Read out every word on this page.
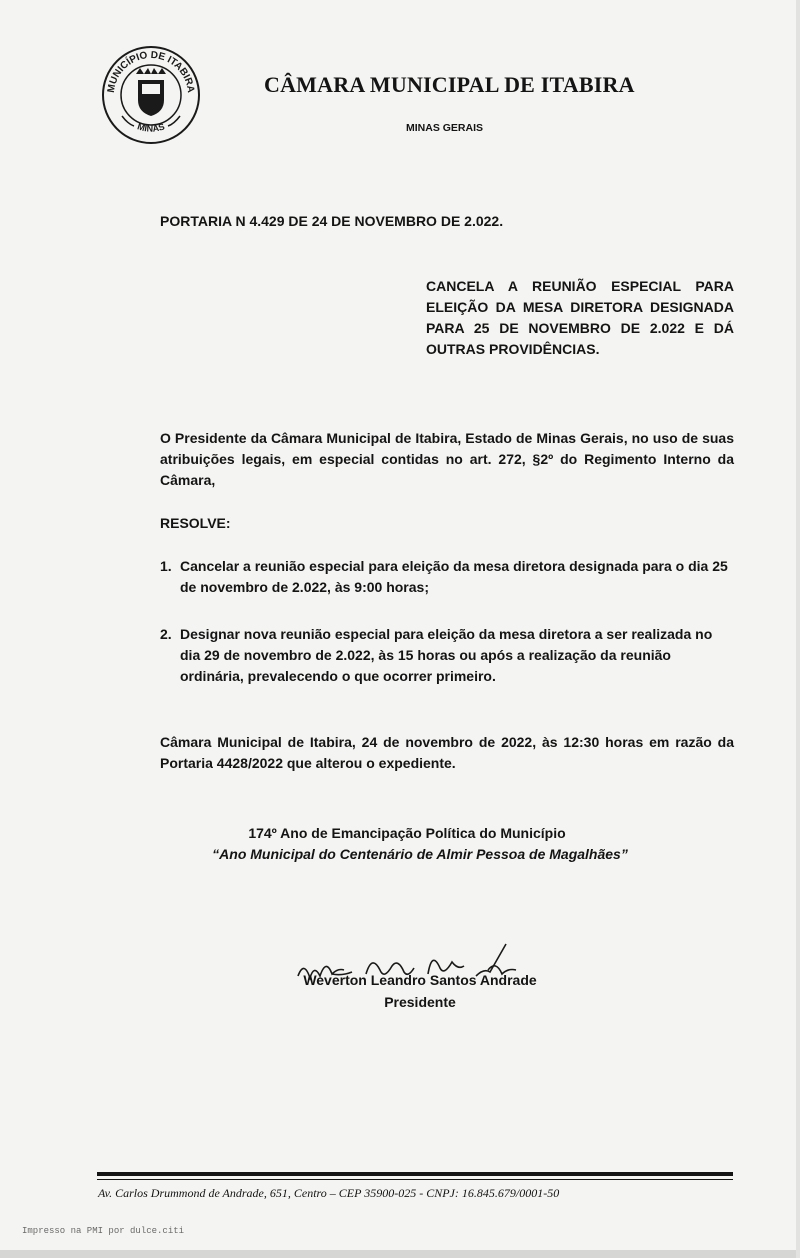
MUNICÍPIO DE ITABIRA
MINAS
CÂMARA MUNICIPAL DE ITABIRA
MINAS GERAIS
PORTARIA N 4.429 DE 24 DE NOVEMBRO DE 2.022.
CANCELA A REUNIÃO ESPECIAL PARA ELEIÇÃO DA MESA DIRETORA DESIGNADA PARA 25 DE NOVEMBRO DE 2.022 E DÁ OUTRAS PROVIDÊNCIAS.
O Presidente da Câmara Municipal de Itabira, Estado de Minas Gerais, no uso de suas atribuições legais, em especial contidas no art. 272, §2º do Regimento Interno da Câmara,
RESOLVE:
1. Cancelar a reunião especial para eleição da mesa diretora designada para o dia 25 de novembro de 2.022, às 9:00 horas;
2. Designar nova reunião especial para eleição da mesa diretora a ser realizada no dia 29 de novembro de 2.022, às 15 horas ou após a realização da reunião ordinária, prevalecendo o que ocorrer primeiro.
Câmara Municipal de Itabira, 24 de novembro de 2022, às 12:30 horas em razão da Portaria 4428/2022 que alterou o expediente.
174º Ano de Emancipação Política do Município
“Ano Municipal do Centenário de Almir Pessoa de Magalhães”
Weverton Leandro Santos Andrade
Presidente
Av. Carlos Drummond de Andrade, 651, Centro – CEP 35900-025 - CNPJ: 16.845.679/0001-50
Impresso na PMI por dulce.citi
